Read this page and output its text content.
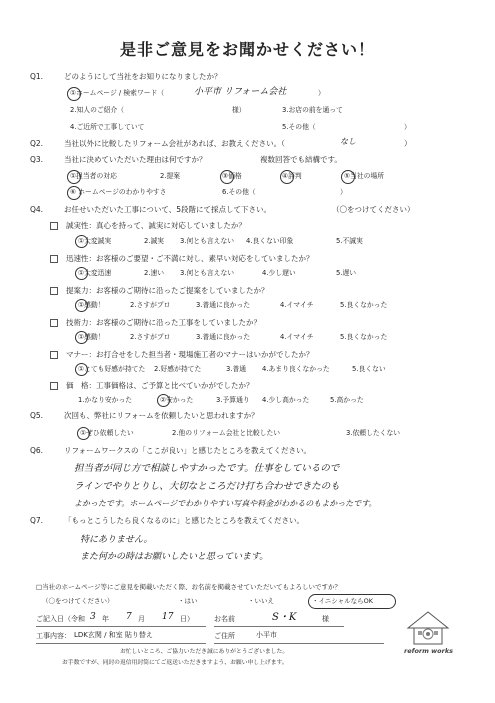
是非ご意見をお聞かせください！
Q1.	どのようにして当社をお知りになりましたか？
①ホームページ / 検索ワード（	小平市 リフォーム会社	）
2.知人のご紹介（	様）	3.お店の前を通って
4.ご近所で工事していて	5.その他（	）
Q2.	当社以外に比較したリフォーム会社があれば、お教えください。（	なし	）
Q3.	当社に決めていただいた理由は何ですか？	複数回答でも結構です。
①担当者の対応	2.提案	③価格	④評判	⑤当社の場所
⑥ ホームページのわかりやすさ	6.その他（	）
Q4.	お任せいただいた工事について、5段階にて採点して下さい。	（〇をつけてください）
誠実性：真心を持って、誠実に対応していましたか？
①大変誠実	2.誠実 3.何とも言えない 4.良くない印象	5.不誠実
迅速性：お客様のご要望・ご不満に対し、素早い対応をしていましたか？
①大変迅速	2.速い 3.何とも言えない	4.少し遅い	5.遅い
提案力：お客様のご期待に沿ったご提案をしていましたか？
①感動！	2.さすがプロ	3.普通に良かった	4.イマイチ	5.良くなかった
技術力：お客様のご期待に沿った工事をしていましたか？
①感動！	2.さすがプロ	3.普通に良かった	4.イマイチ	5.良くなかった
マナー：お打合せをした担当者・現場施工者のマナーはいかがでしたか？
①とても好感が持てた 2.好感が持てた	3.普通 4.あまり良くなかった	5.良くない
価　格：工事価格は、ご予算と比べていかがでしたか？
1.かなり安かった	②安かった	3.予算通り 4.少し高かった	5.高かった
Q5.	次回も、弊社にリフォームを依頼したいと思われますか？
①ぜひ依頼したい	2.他のリフォーム会社と比較したい	3.依頼したくない
Q6.	リフォームワークスの「ここが良い」と感じたところを教えてください。
担当者が同じ方で相談しやすかったです。仕事をしているので
ラインでやりとりし、大切なところだけ打ち合わせできたのも
よかったです。ホームページでわかりやすい写真や料金がわかるのもよかったです。
Q7.	「もっとこうしたら良くなるのに」と感じたところを教えてください。
特にありません。
また何かの時はお願いしたいと思っています。
□当社のホームページ等にご意見を掲載いただく際、お名前を掲載させていただいてもよろしいですか？
（〇をつけてください）	・はい	・いいえ	・イニシャルならOK
ご記入日（令和 3 年 7 月 17 日）	お名前	S・K	様
工事内容： LDK玄関 / 和室 貼り替え	ご住所	小平市
お忙しいところ、ご協力いただき誠にありがとうございました。
お手数ですが、同封の返信用封筒にてご返送いただきますよう、お願い申し上げます。
reform works
